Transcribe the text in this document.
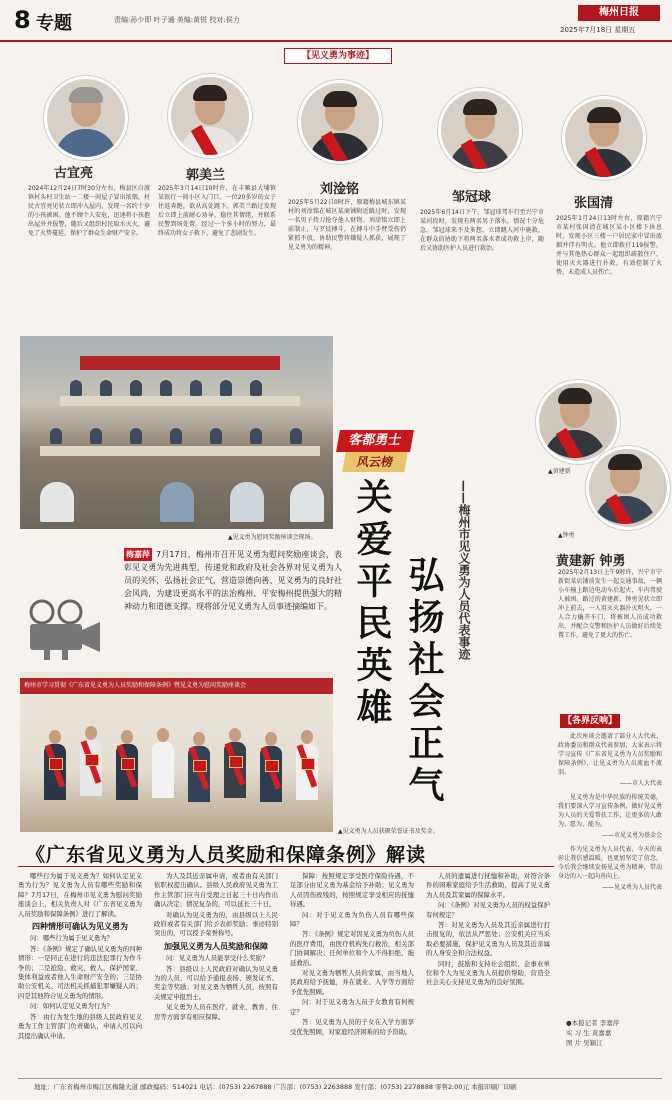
8 专题	责编:孙少即 叶子通 美编:黄锐 校对:侯力
梅州日报
2025年7月18日 星期五
【见义勇为事迹】
古宜亮	郭美兰
刘淦铭
邹冠球	张国清
2024年12月24日7时30分左右，梅县区白渡镇村头村卫生站一二楼一间屋子冒出浓烟，村民古宜亮见状立即冲入屋内，发现一名约十岁的小孩被困。他不顾个人安危，迅速将小孩抱出屋外并报警，随后又组织村民取水灭火，避免了火势蔓延，保护了群众生命财产安全。
2025年3月14日10时许，在丰顺县大埔镇某银行一间小区入门口，一位20多岁的女子往返奔跑，欲从高处跳下。郭美兰路过发现后立即上前耐心劝导，稳住其情绪，并联系民警到场处置。经过一个多小时的努力，最终成功将女子救下，避免了悲剧发生。
2025年5月22日0时许，原籍梅县城东镇某村的刘淦铭在城区某商铺附近路过时，发现一名男子持刀抢夺他人财物。刘淦铭立即上前制止，与歹徒搏斗，在搏斗中手臂受伤仍紧抓不放，协助民警将嫌疑人抓获，展现了见义勇为的精神。
2025年6月14日下午，邹冠球驾车行至兴宁市某河段时，发现有两名男子落水，情况十分危急。邹冠球来不及多想，立即跳入河中施救，在群众的协助下将两名落水者成功救上岸，随后又协助医护人员进行救治。
2025年1月24日13时左右，原籍兴宁市某村张国清在城区某小区楼下休息时，发现小区三楼一户居民家中冒出浓烟并伴有明火。他立即拨打119报警，并与其他热心群众一起组织疏散住户，使用灭火器进行扑救，有效控制了火势，未造成人员伤亡。
▲见义勇为慰问奖励座谈会现场。
客都勇士
风云榜
关爱平民英雄 弘扬社会正气	——梅州市见义勇为人员代表事迹
梅嘉萍 7月17日，梅州市召开见义勇为慰问奖励座谈会，表彰见义勇为先进典型，传递党和政府及社会各界对见义勇为人员的关怀，弘扬社会正气，营造崇德向善、见义勇为的良好社会风尚，为建设更高水平的法治梅州、平安梅州提供强大的精神动力和道德支撑。现将部分见义勇为人员事迹摘编如下。
梅州市学习贯彻《广东省见义勇为人员奖励和保障条例》暨见义勇为慰问奖励座谈会
▲见义勇为人员获颁荣誉证书及奖金。
▲黄建新
▲钟勇
黄建新 钟勇
2025年2月13日上午9时许，兴宁市宁新街某店铺前发生一起交通事故，一辆小车撞上路边电动车后起火，车内驾驶人被困。路过的黄建新、钟勇见状立即冲上前去，一人用灭火器扑灭明火，一人合力撬开车门，将被困人员成功救出，并配合交警和医护人员做好后续处置工作，避免了更大的伤亡。
【各界反响】

此次座谈会邀请了部分人大代表、政协委员和群众代表参加，大家表示将学习宣传《广东省见义勇为人员奖励和保障条例》，让见义勇为人员流血不流泪。

——市人大代表

见义勇为是中华民族的传统美德，我们要深入学习宣传条例，做好见义勇为人员的关爱帮扶工作，让更多的人敢为、愿为、能为。

——市见义勇为基金会

作为见义勇为人员代表，今天的表彰让我倍感温暖，也更加坚定了信念，今后我会继续发扬见义勇为精神，带动身边的人一起向善向上。

——见义勇为人员代表

《广东省见义勇为人员奖励和保障条例》解读

哪些行为属于见义勇为？如何认定见义勇为行为？见义勇为人员有哪些奖励和保障？7月17日，在梅州市见义勇为慰问奖励座谈会上，相关负责人对《广东省见义勇为人员奖励和保障条例》进行了解读。

四种情形可确认为见义勇为

问：哪些行为属于见义勇为？

答：《条例》规定了确认见义勇为的四种情形：一是同正在进行的违法犯罪行为作斗争的；二是抢险、救灾、救人，保护国家、集体利益或者他人生命财产安全的；三是协助公安机关、司法机关抓捕犯罪嫌疑人的；四是其他符合见义勇为的情形。

问：如何认定见义勇为行为？

答：由行为发生地的县级人民政府见义勇为工作主管部门负责确认，申请人可以向其提出确认申请。

为人及其近亲属申请，或者由有关部门依职权提出确认。县级人民政府见义勇为工作主管部门应当自受理之日起三十日内作出确认决定；情况复杂的，可以延长三十日。

对确认为见义勇为的，由县级以上人民政府或者有关部门给予表彰奖励；事迹特别突出的，可以授予荣誉称号。

加强见义勇为人员奖励和保障

问：见义勇为人员能享受什么奖励？

答：县级以上人民政府对确认为见义勇为的人员，可以给予通报表扬、颁发证书、奖金等奖励；对见义勇为牺牲人员，按照有关规定申报烈士。

见义勇为人员在医疗、就业、教育、住房等方面享有相应保障。

保障：按照规定享受医疗保险待遇，不足部分由见义勇为基金给予补助；见义勇为人员因伤致残的，按照规定享受相应的抚恤待遇。

问：对于见义勇为负伤人员有哪些保障？

答：《条例》规定对因见义勇为负伤人员的医疗费用，由医疗机构先行救治，相关部门协调解决；任何单位和个人不得拒绝、拖延救治。

对见义勇为牺牲人员的家属，由当地人民政府给予抚恤，并在就业、入学等方面给予优先照顾。

问：对于见义勇为人员子女教育有何规定？

答：见义勇为人员的子女在入学方面享受优先照顾，对家庭经济困难的给予资助。

人员的遗属进行抚恤和补助，对符合条件的困难家庭给予生活救助，提高了见义勇为人员及其家属的保障水平。

问：《条例》对见义勇为人员的权益保护有何规定？

答：对见义勇为人员及其近亲属进行打击报复的，依法从严惩处；公安机关应当采取必要措施，保护见义勇为人员及其近亲属的人身安全和合法权益。

同时，鼓励和支持社会组织、企事业单位和个人为见义勇为人员提供帮助，营造全社会关心支持见义勇为的良好氛围。

●本报记者 李嘉萍
实 习 生 黄嘉嘉
图 片 吴颖江
地址：广东省梅州市梅江区梅隆大道 邮政编码：514021 电话：(0753) 2267888 广告部：(0753) 2263888 发行部：(0753) 2278888 零售2.00元 本报印刷厂印刷
